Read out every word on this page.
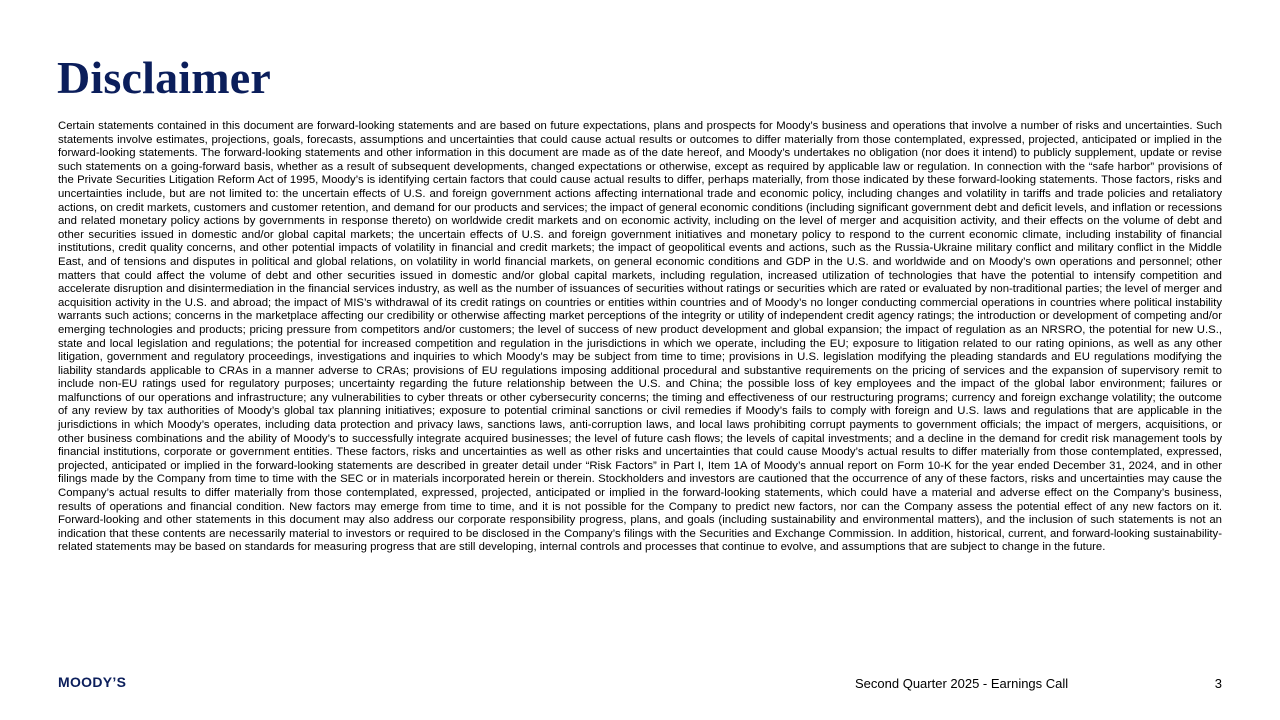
Disclaimer

Certain statements contained in this document are forward-looking statements and are based on future expectations, plans and prospects for Moody’s business and operations that involve a number of risks and uncertainties. Such statements involve estimates, projections, goals, forecasts, assumptions and uncertainties that could cause actual results or outcomes to differ materially from those contemplated, expressed, projected, anticipated or implied in the forward-looking statements. The forward-looking statements and other information in this document are made as of the date hereof, and Moody’s undertakes no obligation (nor does it intend) to publicly supplement, update or revise such statements on a going-forward basis, whether as a result of subsequent developments, changed expectations or otherwise, except as required by applicable law or regulation. In connection with the “safe harbor” provisions of the Private Securities Litigation Reform Act of 1995, Moody’s is identifying certain factors that could cause actual results to differ, perhaps materially, from those indicated by these forward-looking statements. Those factors, risks and uncertainties include, but are not limited to: the uncertain effects of U.S. and foreign government actions affecting international trade and economic policy, including changes and volatility in tariffs and trade policies and retaliatory actions, on credit markets, customers and customer retention, and demand for our products and services; the impact of general economic conditions (including significant government debt and deficit levels, and inflation or recessions and related monetary policy actions by governments in response thereto) on worldwide credit markets and on economic activity, including on the level of merger and acquisition activity, and their effects on the volume of debt and other securities issued in domestic and/or global capital markets; the uncertain effects of U.S. and foreign government initiatives and monetary policy to respond to the current economic climate, including instability of financial institutions, credit quality concerns, and other potential impacts of volatility in financial and credit markets; the impact of geopolitical events and actions, such as the Russia-Ukraine military conflict and military conflict in the Middle East, and of tensions and disputes in political and global relations, on volatility in world financial markets, on general economic conditions and GDP in the U.S. and worldwide and on Moody’s own operations and personnel; other matters that could affect the volume of debt and other securities issued in domestic and/or global capital markets, including regulation, increased utilization of technologies that have the potential to intensify competition and accelerate disruption and disintermediation in the financial services industry, as well as the number of issuances of securities without ratings or securities which are rated or evaluated by non-traditional parties; the level of merger and acquisition activity in the U.S. and abroad; the impact of MIS’s withdrawal of its credit ratings on countries or entities within countries and of Moody’s no longer conducting commercial operations in countries where political instability warrants such actions; concerns in the marketplace affecting our credibility or otherwise affecting market perceptions of the integrity or utility of independent credit agency ratings; the introduction or development of competing and/or emerging technologies and products; pricing pressure from competitors and/or customers; the level of success of new product development and global expansion; the impact of regulation as an NRSRO, the potential for new U.S., state and local legislation and regulations; the potential for increased competition and regulation in the jurisdictions in which we operate, including the EU; exposure to litigation related to our rating opinions, as well as any other litigation, government and regulatory proceedings, investigations and inquiries to which Moody’s may be subject from time to time; provisions in U.S. legislation modifying the pleading standards and EU regulations modifying the liability standards applicable to CRAs in a manner adverse to CRAs; provisions of EU regulations imposing additional procedural and substantive requirements on the pricing of services and the expansion of supervisory remit to include non-EU ratings used for regulatory purposes; uncertainty regarding the future relationship between the U.S. and China; the possible loss of key employees and the impact of the global labor environment; failures or malfunctions of our operations and infrastructure; any vulnerabilities to cyber threats or other cybersecurity concerns; the timing and effectiveness of our restructuring programs; currency and foreign exchange volatility; the outcome of any review by tax authorities of Moody’s global tax planning initiatives; exposure to potential criminal sanctions or civil remedies if Moody’s fails to comply with foreign and U.S. laws and regulations that are applicable in the jurisdictions in which Moody’s operates, including data protection and privacy laws, sanctions laws, anti-corruption laws, and local laws prohibiting corrupt payments to government officials; the impact of mergers, acquisitions, or other business combinations and the ability of Moody’s to successfully integrate acquired businesses; the level of future cash flows; the levels of capital investments; and a decline in the demand for credit risk management tools by financial institutions, corporate or government entities. These factors, risks and uncertainties as well as other risks and uncertainties that could cause Moody’s actual results to differ materially from those contemplated, expressed, projected, anticipated or implied in the forward-looking statements are described in greater detail under “Risk Factors” in Part I, Item 1A of Moody’s annual report on Form 10-K for the year ended December 31, 2024, and in other filings made by the Company from time to time with the SEC or in materials incorporated herein or therein. Stockholders and investors are cautioned that the occurrence of any of these factors, risks and uncertainties may cause the Company’s actual results to differ materially from those contemplated, expressed, projected, anticipated or implied in the forward-looking statements, which could have a material and adverse effect on the Company’s business, results of operations and financial condition. New factors may emerge from time to time, and it is not possible for the Company to predict new factors, nor can the Company assess the potential effect of any new factors on it. Forward-looking and other statements in this document may also address our corporate responsibility progress, plans, and goals (including sustainability and environmental matters), and the inclusion of such statements is not an indication that these contents are necessarily material to investors or required to be disclosed in the Company’s filings with the Securities and Exchange Commission. In addition, historical, current, and forward-looking sustainability-related statements may be based on standards for measuring progress that are still developing, internal controls and processes that continue to evolve, and assumptions that are subject to change in the future.

MOODY’S	Second Quarter 2025 - Earnings Call	3
